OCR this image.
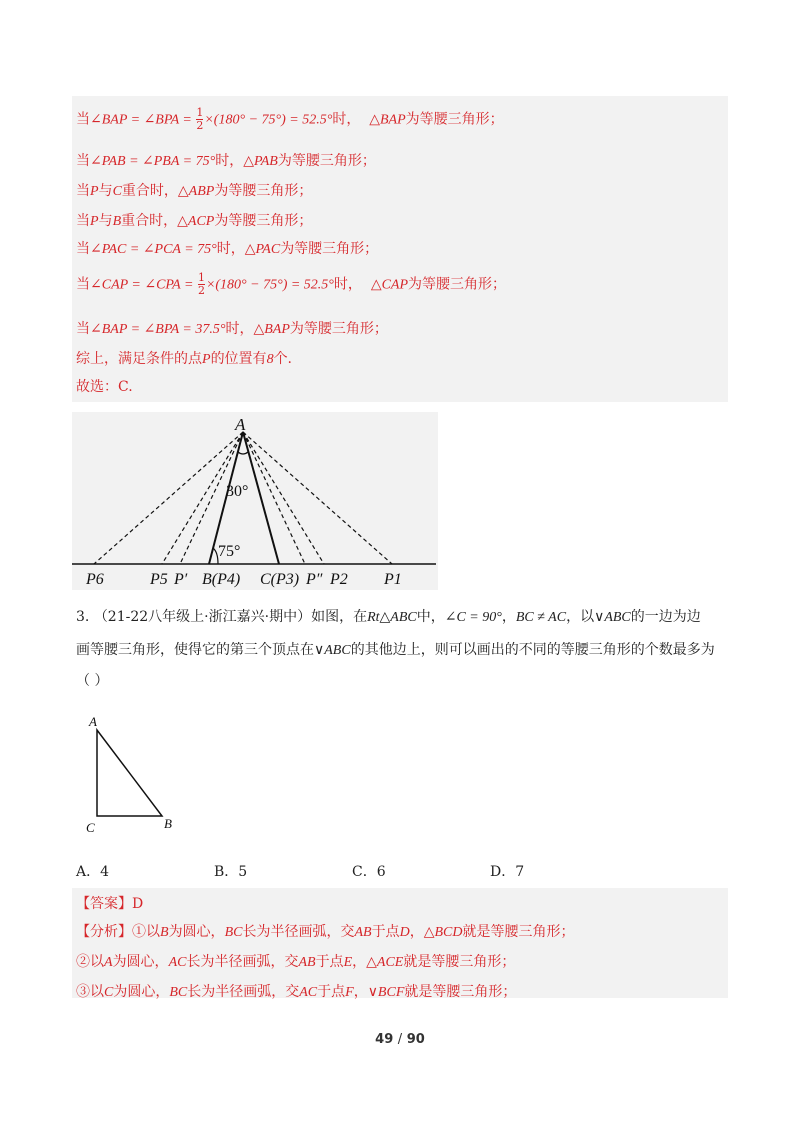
当∠BAP = ∠BPA = $\frac{1}{2} \times(180^\circ - 75^\circ) = 52.5^\circ$时， △BAP为等腰三角形；
当∠PAB = ∠PBA = 75°时，△PAB为等腰三角形；
当P与C重合时，△ABP为等腰三角形；
当P与B重合时，△ACP为等腰三角形；
当∠PAC = ∠PCA = 75°时，△PAC为等腰三角形；
当∠CAP = ∠CPA = $\frac{1}{2} \times(180^\circ - 75^\circ) = 52.5^\circ$时， △CAP为等腰三角形；
当∠BAP = ∠BPA = 37.5°时，△BAP为等腰三角形；
综上，满足条件的点P的位置有8个.
故选：C.
A
30°
75°
P6	P5 P′ B(P4) C(P3) P″ P2 P1
3. （21-22八年级上·浙江嘉兴·期中）如图，在Rt△ABC中，∠C = 90°，BC ≠ AC，以∨ABC的一边为边
画等腰三角形，使得它的第三个顶点在∨ABC的其他边上，则可以画出的不同的等腰三角形的个数最多为
（ ）
A
C	B
A．4	B．5	C．6	D．7
【答案】D
【分析】①以B为圆心，BC长为半径画弧，交AB于点D，△BCD就是等腰三角形；
②以A为圆心，AC长为半径画弧，交AB于点E，△ACE就是等腰三角形；
③以C为圆心，BC长为半径画弧，交AC于点F，∨BCF就是等腰三角形；
49 / 90
